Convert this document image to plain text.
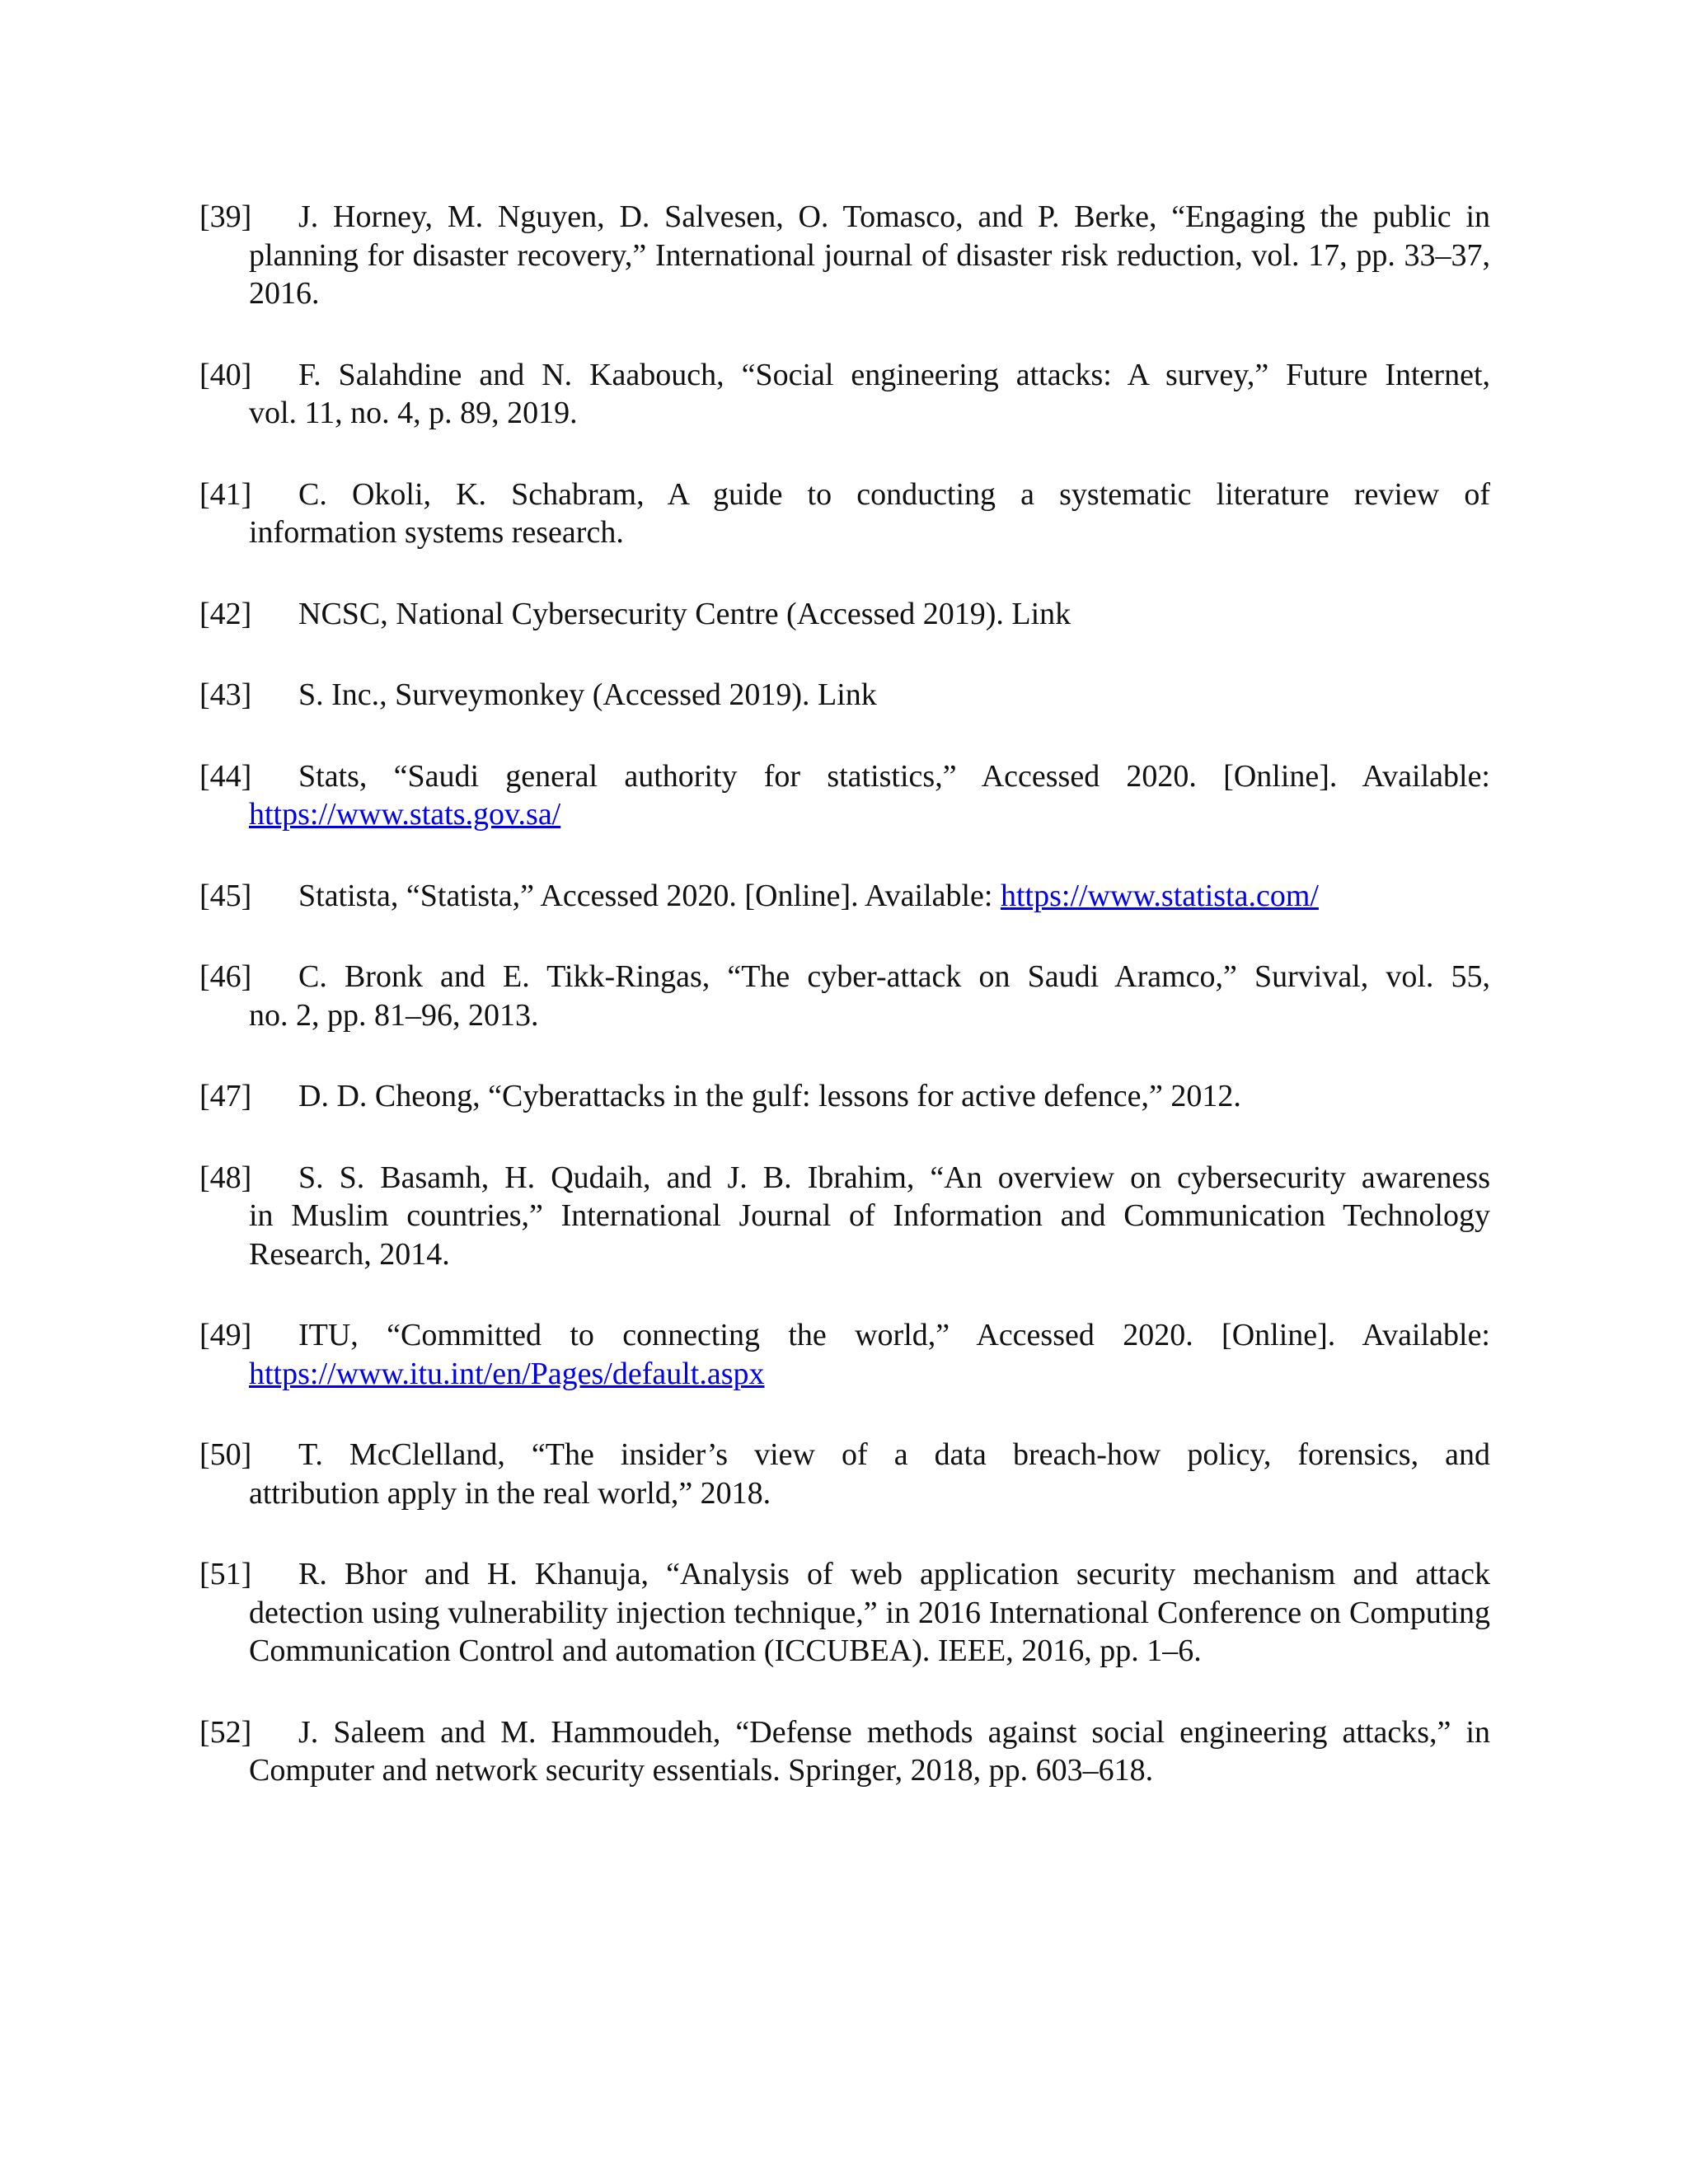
[39] J. Horney, M. Nguyen, D. Salvesen, O. Tomasco, and P. Berke, “Engaging the public in
planning for disaster recovery,” International journal of disaster risk reduction, vol. 17, pp. 33–37, 2016.
[40] F. Salahdine and N. Kaabouch, “Social engineering attacks: A survey,” Future Internet,
vol. 11, no. 4, p. 89, 2019.
[41] C. Okoli, K. Schabram, A guide to conducting a systematic literature review of
information systems research.
[42] NCSC, National Cybersecurity Centre (Accessed 2019). Link
[43] S. Inc., Surveymonkey (Accessed 2019). Link
[44] Stats, “Saudi general authority for statistics,” Accessed 2020. [Online]. Available:
https://www.stats.gov.sa/
[45] Statista, “Statista,” Accessed 2020. [Online]. Available: https://www.statista.com/
[46] C. Bronk and E. Tikk-Ringas, “The cyber-attack on Saudi Aramco,” Survival, vol. 55,
no. 2, pp. 81–96, 2013.
[47] D. D. Cheong, “Cyberattacks in the gulf: lessons for active defence,” 2012.
[48] S. S. Basamh, H. Qudaih, and J. B. Ibrahim, “An overview on cybersecurity awareness
in Muslim countries,” International Journal of Information and Communication Technology Research, 2014.
[49] ITU, “Committed to connecting the world,” Accessed 2020. [Online]. Available:
https://www.itu.int/en/Pages/default.aspx
[50] T. McClelland, “The insider’s view of a data breach-how policy, forensics, and
attribution apply in the real world,” 2018.
[51] R. Bhor and H. Khanuja, “Analysis of web application security mechanism and attack
detection using vulnerability injection technique,” in 2016 International Conference on Computing Communication Control and automation (ICCUBEA). IEEE, 2016, pp. 1–6.
[52] J. Saleem and M. Hammoudeh, “Defense methods against social engineering attacks,” in
Computer and network security essentials. Springer, 2018, pp. 603–618.
